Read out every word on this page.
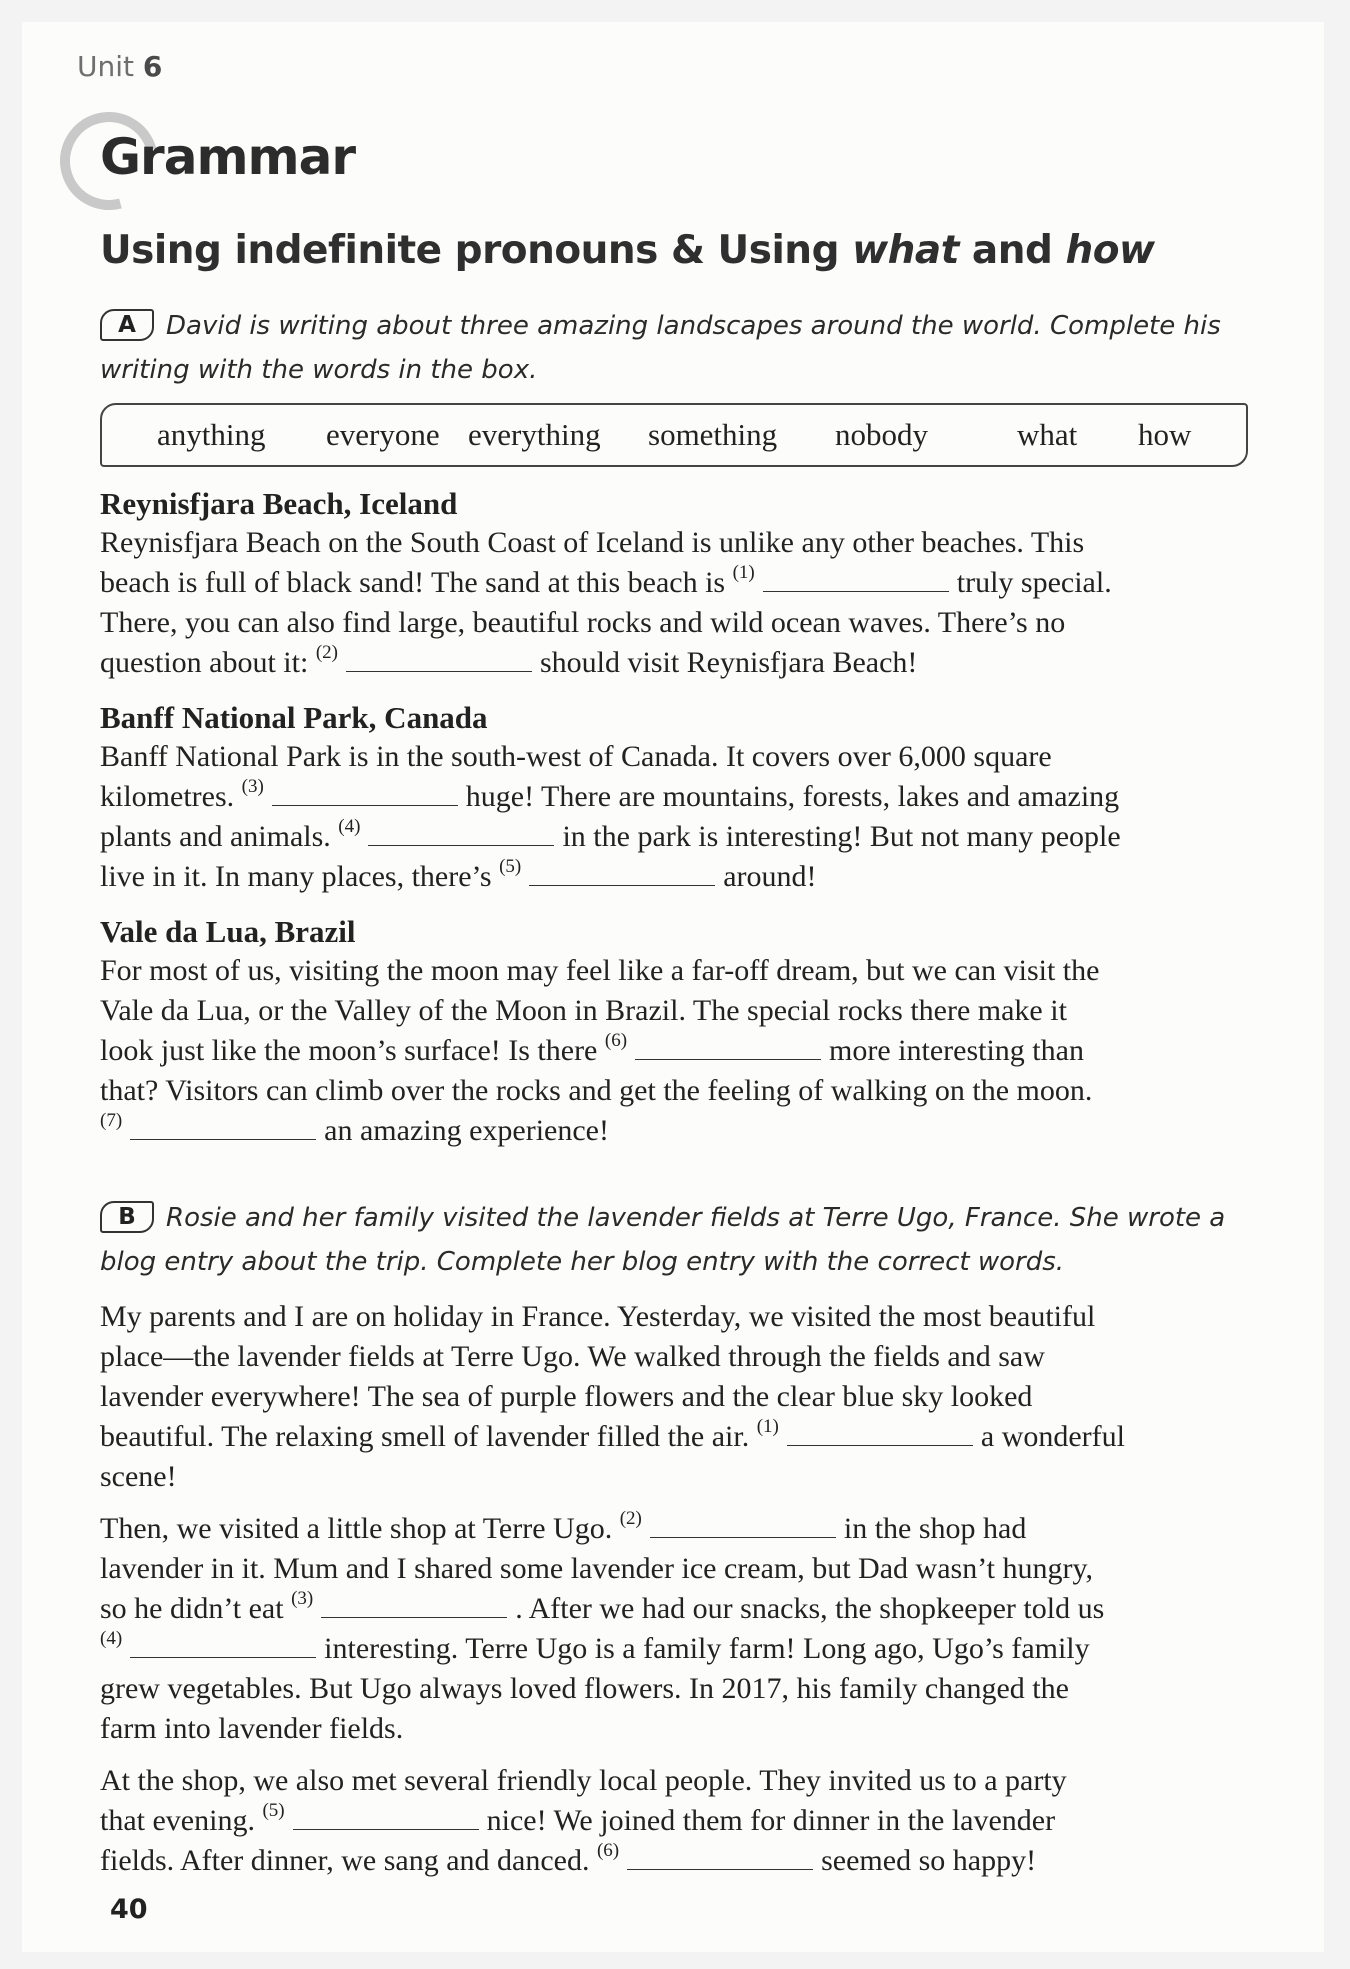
Unit 6
Grammar
Using indefinite pronouns & Using what and how
A David is writing about three amazing landscapes around the world. Complete his
writing with the words in the box.
anything everyone everything something nobody	what how
Reynisfjara Beach, Iceland
Reynisfjara Beach on the South Coast of Iceland is unlike any other beaches. This
beach is full of black sand! The sand at this beach is $^{(1)}$	truly special.
There, you can also find large, beautiful rocks and wild ocean waves. There’s no
question about it: $^{(2)}$	should visit Reynisfjara Beach!
Banff National Park, Canada
Banff National Park is in the south-west of Canada. It covers over 6,000 square
kilometres. $^{(3)}$	huge! There are mountains, forests, lakes and amazing
plants and animals. $^{(4)}$	in the park is interesting! But not many people
live in it. In many places, there’s $^{(5)}$	around!
Vale da Lua, Brazil
For most of us, visiting the moon may feel like a far-off dream, but we can visit the
Vale da Lua, or the Valley of the Moon in Brazil. The special rocks there make it
look just like the moon’s surface! Is there $^{(6)}$	more interesting than
that? Visitors can climb over the rocks and get the feeling of walking on the moon.
$^{(7)}$	an amazing experience!
B Rosie and her family visited the lavender fields at Terre Ugo, France. She wrote a
blog entry about the trip. Complete her blog entry with the correct words.
My parents and I are on holiday in France. Yesterday, we visited the most beautiful
place—the lavender fields at Terre Ugo. We walked through the fields and saw
lavender everywhere! The sea of purple flowers and the clear blue sky looked
beautiful. The relaxing smell of lavender filled the air. $^{(1)}$	a wonderful
scene!
Then, we visited a little shop at Terre Ugo. $^{(2)}$	in the shop had
lavender in it. Mum and I shared some lavender ice cream, but Dad wasn’t hungry,
so he didn’t eat $^{(3)}$	. After we had our snacks, the shopkeeper told us
$^{(4)}$	interesting. Terre Ugo is a family farm! Long ago, Ugo’s family
grew vegetables. But Ugo always loved flowers. In 2017, his family changed the
farm into lavender fields.
At the shop, we also met several friendly local people. They invited us to a party
that evening. $^{(5)}$	nice! We joined them for dinner in the lavender
fields. After dinner, we sang and danced. $^{(6)}$	seemed so happy!
40
